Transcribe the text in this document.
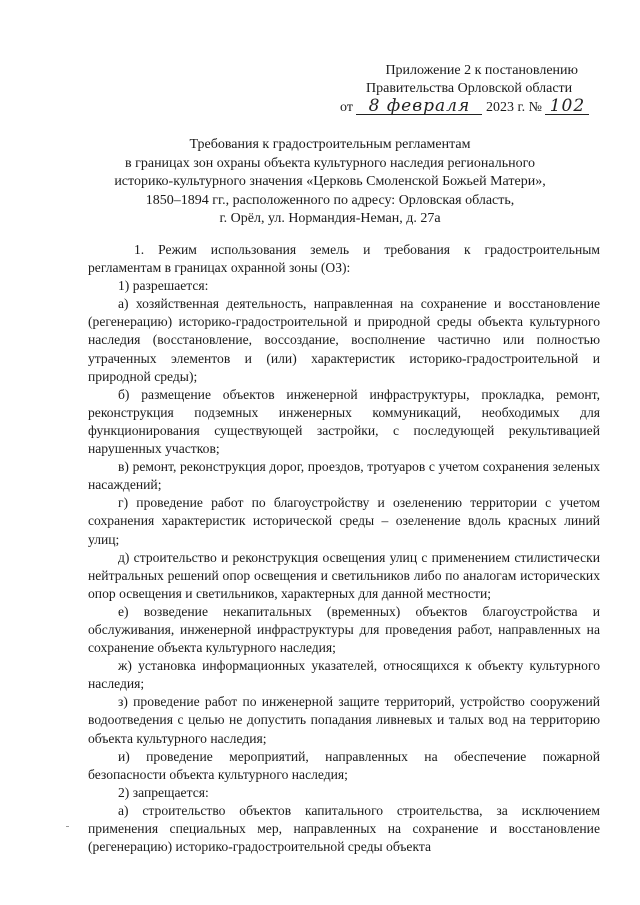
Приложение 2 к постановлению
Правительства Орловской области
от 8 февраля 2023 г. № 102
Требования к градостроительным регламентам
в границах зон охраны объекта культурного наследия регионального
историко-культурного значения «Церковь Смоленской Божьей Матери»,
1850–1894 гг., расположенного по адресу: Орловская область,
г. Орёл, ул. Нормандия-Неман, д. 27а

1. Режим использования земель и требования к градостроительным регламентам в границах охранной зоны (ОЗ):

1) разрешается:

а) хозяйственная деятельность, направленная на сохранение и восстановление (регенерацию) историко-градостроительной и природной среды объекта культурного наследия (восстановление, воссоздание, восполнение частично или полностью утраченных элементов и (или) характеристик историко-градостроительной и природной среды);

б) размещение объектов инженерной инфраструктуры, прокладка, ремонт, реконструкция подземных инженерных коммуникаций, необходимых для функционирования существующей застройки, с последующей рекультивацией нарушенных участков;

в) ремонт, реконструкция дорог, проездов, тротуаров с учетом сохранения зеленых насаждений;

г) проведение работ по благоустройству и озеленению территории с учетом сохранения характеристик исторической среды – озеленение вдоль красных линий улиц;

д) строительство и реконструкция освещения улиц с применением стилистически нейтральных решений опор освещения и светильников либо по аналогам исторических опор освещения и светильников, характерных для данной местности;

е) возведение некапитальных (временных) объектов благоустройства и обслуживания, инженерной инфраструктуры для проведения работ, направленных на сохранение объекта культурного наследия;

ж) установка информационных указателей, относящихся к объекту культурного наследия;

з) проведение работ по инженерной защите территорий, устройство сооружений водоотведения с целью не допустить попадания ливневых и талых вод на территорию объекта культурного наследия;

и) проведение мероприятий, направленных на обеспечение пожарной безопасности объекта культурного наследия;

2) запрещается:

а) строительство объектов капитального строительства, за исключением применения специальных мер, направленных на сохранение и восстановление (регенерацию) историко-градостроительной среды объекта
